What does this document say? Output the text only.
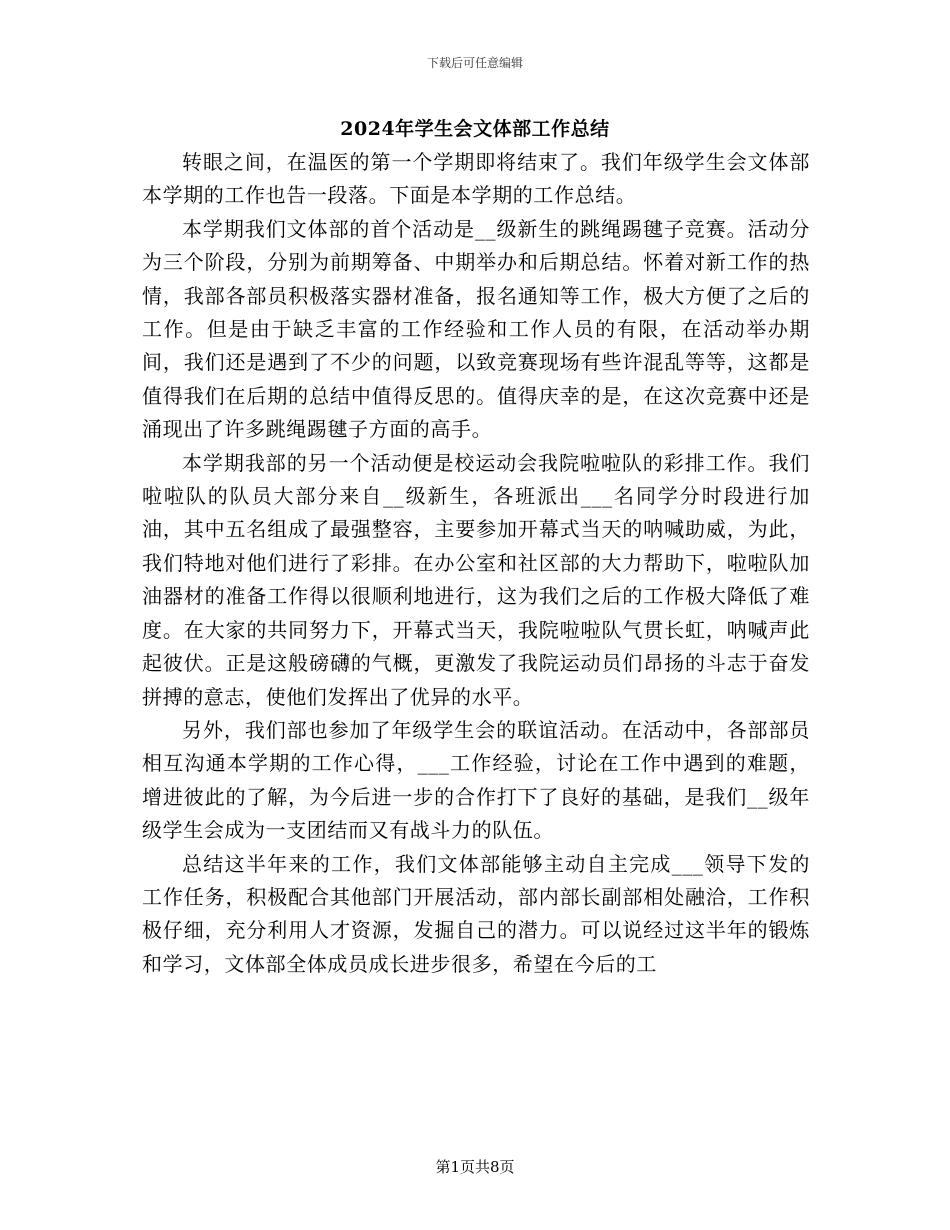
下载后可任意编辑
2024年学生会文体部工作总结

转眼之间，在温医的第一个学期即将结束了。我们年级学生会文体部本学期的工作也告一段落。下面是本学期的工作总结。

本学期我们文体部的首个活动是__级新生的跳绳踢毽子竞赛。活动分为三个阶段，分别为前期筹备、中期举办和后期总结。怀着对新工作的热情，我部各部员积极落实器材准备，报名通知等工作，极大方便了之后的工作。但是由于缺乏丰富的工作经验和工作人员的有限，在活动举办期间，我们还是遇到了不少的问题，以致竞赛现场有些许混乱等等，这都是值得我们在后期的总结中值得反思的。值得庆幸的是，在这次竞赛中还是涌现出了许多跳绳踢毽子方面的高手。

本学期我部的另一个活动便是校运动会我院啦啦队的彩排工作。我们啦啦队的队员大部分来自__级新生，各班派出___名同学分时段进行加油，其中五名组成了最强整容，主要参加开幕式当天的呐喊助威，为此，我们特地对他们进行了彩排。在办公室和社区部的大力帮助下，啦啦队加油器材的准备工作得以很顺利地进行，这为我们之后的工作极大降低了难度。在大家的共同努力下，开幕式当天，我院啦啦队气贯长虹，呐喊声此起彼伏。正是这般磅礴的气概，更激发了我院运动员们昂扬的斗志于奋发拼搏的意志，使他们发挥出了优异的水平。

另外，我们部也参加了年级学生会的联谊活动。在活动中，各部部员相互沟通本学期的工作心得，___工作经验，讨论在工作中遇到的难题，增进彼此的了解，为今后进一步的合作打下了良好的基础，是我们__级年级学生会成为一支团结而又有战斗力的队伍。

总结这半年来的工作，我们文体部能够主动自主完成___领导下发的工作任务，积极配合其他部门开展活动，部内部长副部相处融洽，工作积极仔细，充分利用人才资源，发掘自己的潜力。可以说经过这半年的锻炼和学习，文体部全体成员成长进步很多，希望在今后的工

第1页共8页
